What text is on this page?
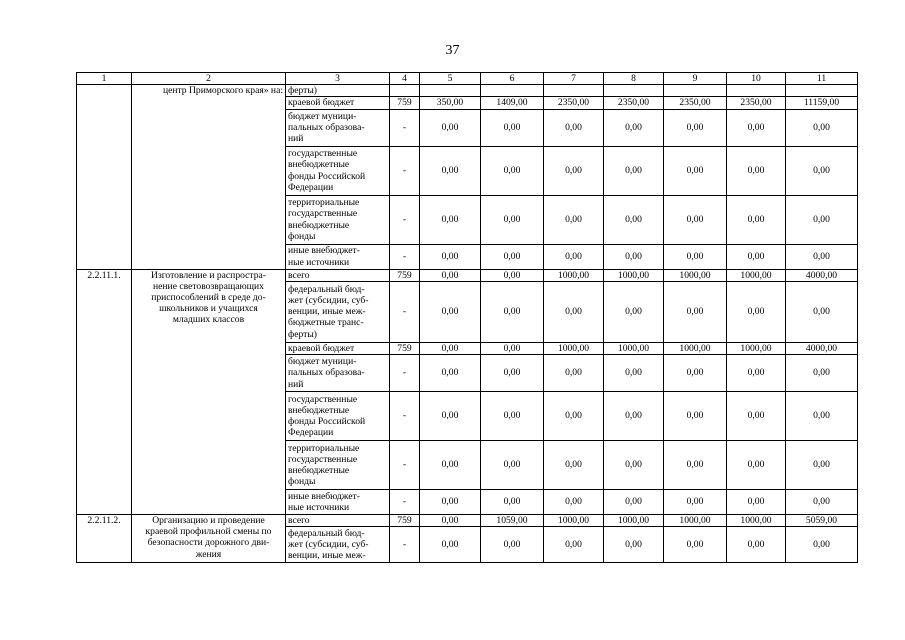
37
1	2	3	4	5	6	7	8	9	10	11
	центр Приморского края» на:	ферты)								
		краевой бюджет	759	350,00	1409,00	2350,00	2350,00	2350,00	2350,00	11159,00
		бюджет муници-
пальных образова-
ний	-	0,00	0,00	0,00	0,00	0,00	0,00	0,00
		государственные
внебюджетные
фонды Российской
Федерации	-	0,00	0,00	0,00	0,00	0,00	0,00	0,00
		территориальные
государственные
внебюджетные
фонды	-	0,00	0,00	0,00	0,00	0,00	0,00	0,00
		иные внебюджет-
ные источники	-	0,00	0,00	0,00	0,00	0,00	0,00	0,00
2.2.11.1.	Изготовление и распростра-
нение световозвращающих
приспособлений в среде до-
школьников и учащихся
младших классов	всего	759	0,00	0,00	1000,00	1000,00	1000,00	1000,00	4000,00
		федеральный бюд-
жет (субсидии, суб-
венции, иные меж-
бюджетные транс-
ферты)	-	0,00	0,00	0,00	0,00	0,00	0,00	0,00
		краевой бюджет	759	0,00	0,00	1000,00	1000,00	1000,00	1000,00	4000,00
		бюджет муници-
пальных образова-
ний	-	0,00	0,00	0,00	0,00	0,00	0,00	0,00
		государственные
внебюджетные
фонды Российской
Федерации	-	0,00	0,00	0,00	0,00	0,00	0,00	0,00
		территориальные
государственные
внебюджетные
фонды	-	0,00	0,00	0,00	0,00	0,00	0,00	0,00
		иные внебюджет-
ные источники	-	0,00	0,00	0,00	0,00	0,00	0,00	0,00
2.2.11.2.	Организацию и проведение
краевой профильной смены по
безопасности дорожного дви-
жения	всего	759	0,00	1059,00	1000,00	1000,00	1000,00	1000,00	5059,00
		федеральный бюд-
жет (субсидии, суб-
венции, иные меж-	-	0,00	0,00	0,00	0,00	0,00	0,00	0,00
